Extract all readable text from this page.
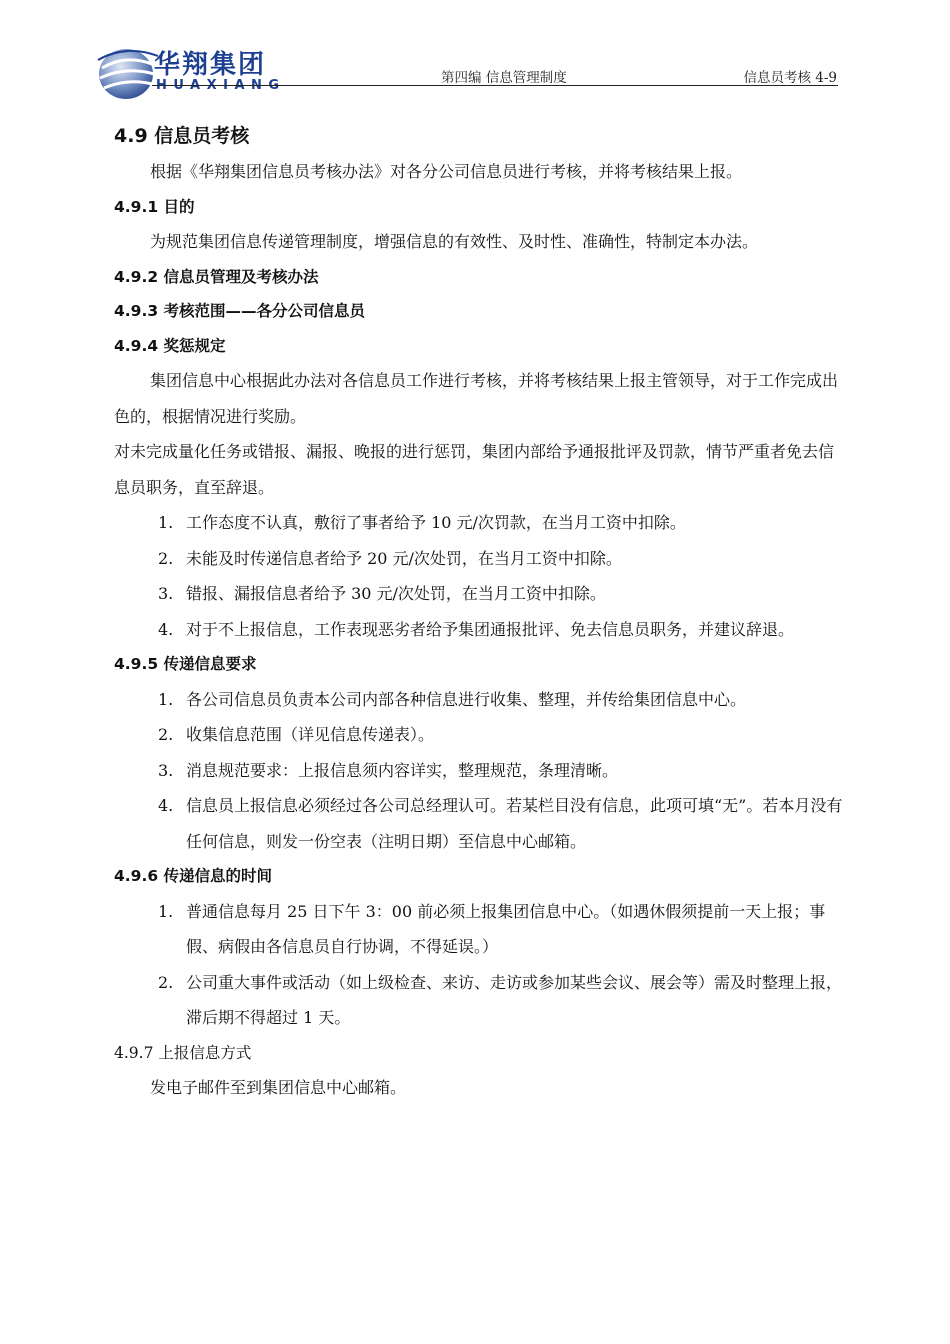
华翔集团
HUAXIANG	第四编 信息管理制度	信息员考核 4-9
4.9 信息员考核
根据《华翔集团信息员考核办法》对各分公司信息员进行考核，并将考核结果上报。
4.9.1 目的
为规范集团信息传递管理制度，增强信息的有效性、及时性、准确性，特制定本办法。
4.9.2 信息员管理及考核办法
4.9.3 考核范围——各分公司信息员
4.9.4 奖惩规定
集团信息中心根据此办法对各信息员工作进行考核，并将考核结果上报主管领导，对于工作完成出色的，根据情况进行奖励。
对未完成量化任务或错报、漏报、晚报的进行惩罚，集团内部给予通报批评及罚款，情节严重者免去信息员职务，直至辞退。
1. 工作态度不认真，敷衍了事者给予 10 元/次罚款，在当月工资中扣除。
2. 未能及时传递信息者给予 20 元/次处罚，在当月工资中扣除。
3. 错报、漏报信息者给予 30 元/次处罚，在当月工资中扣除。
4. 对于不上报信息，工作表现恶劣者给予集团通报批评、免去信息员职务，并建议辞退。
4.9.5 传递信息要求
1. 各公司信息员负责本公司内部各种信息进行收集、整理，并传给集团信息中心。
2. 收集信息范围（详见信息传递表）。
3. 消息规范要求：上报信息须内容详实，整理规范，条理清晰。
4. 信息员上报信息必须经过各公司总经理认可。若某栏目没有信息，此项可填“无”。若本月没有任何信息，则发一份空表（注明日期）至信息中心邮箱。
4.9.6 传递信息的时间
1. 普通信息每月 25 日下午 3：00 前必须上报集团信息中心。（如遇休假须提前一天上报；事假、病假由各信息员自行协调，不得延误。）
2. 公司重大事件或活动（如上级检查、来访、走访或参加某些会议、展会等）需及时整理上报，滞后期不得超过 1 天。
4.9.7 上报信息方式
发电子邮件至到集团信息中心邮箱。
